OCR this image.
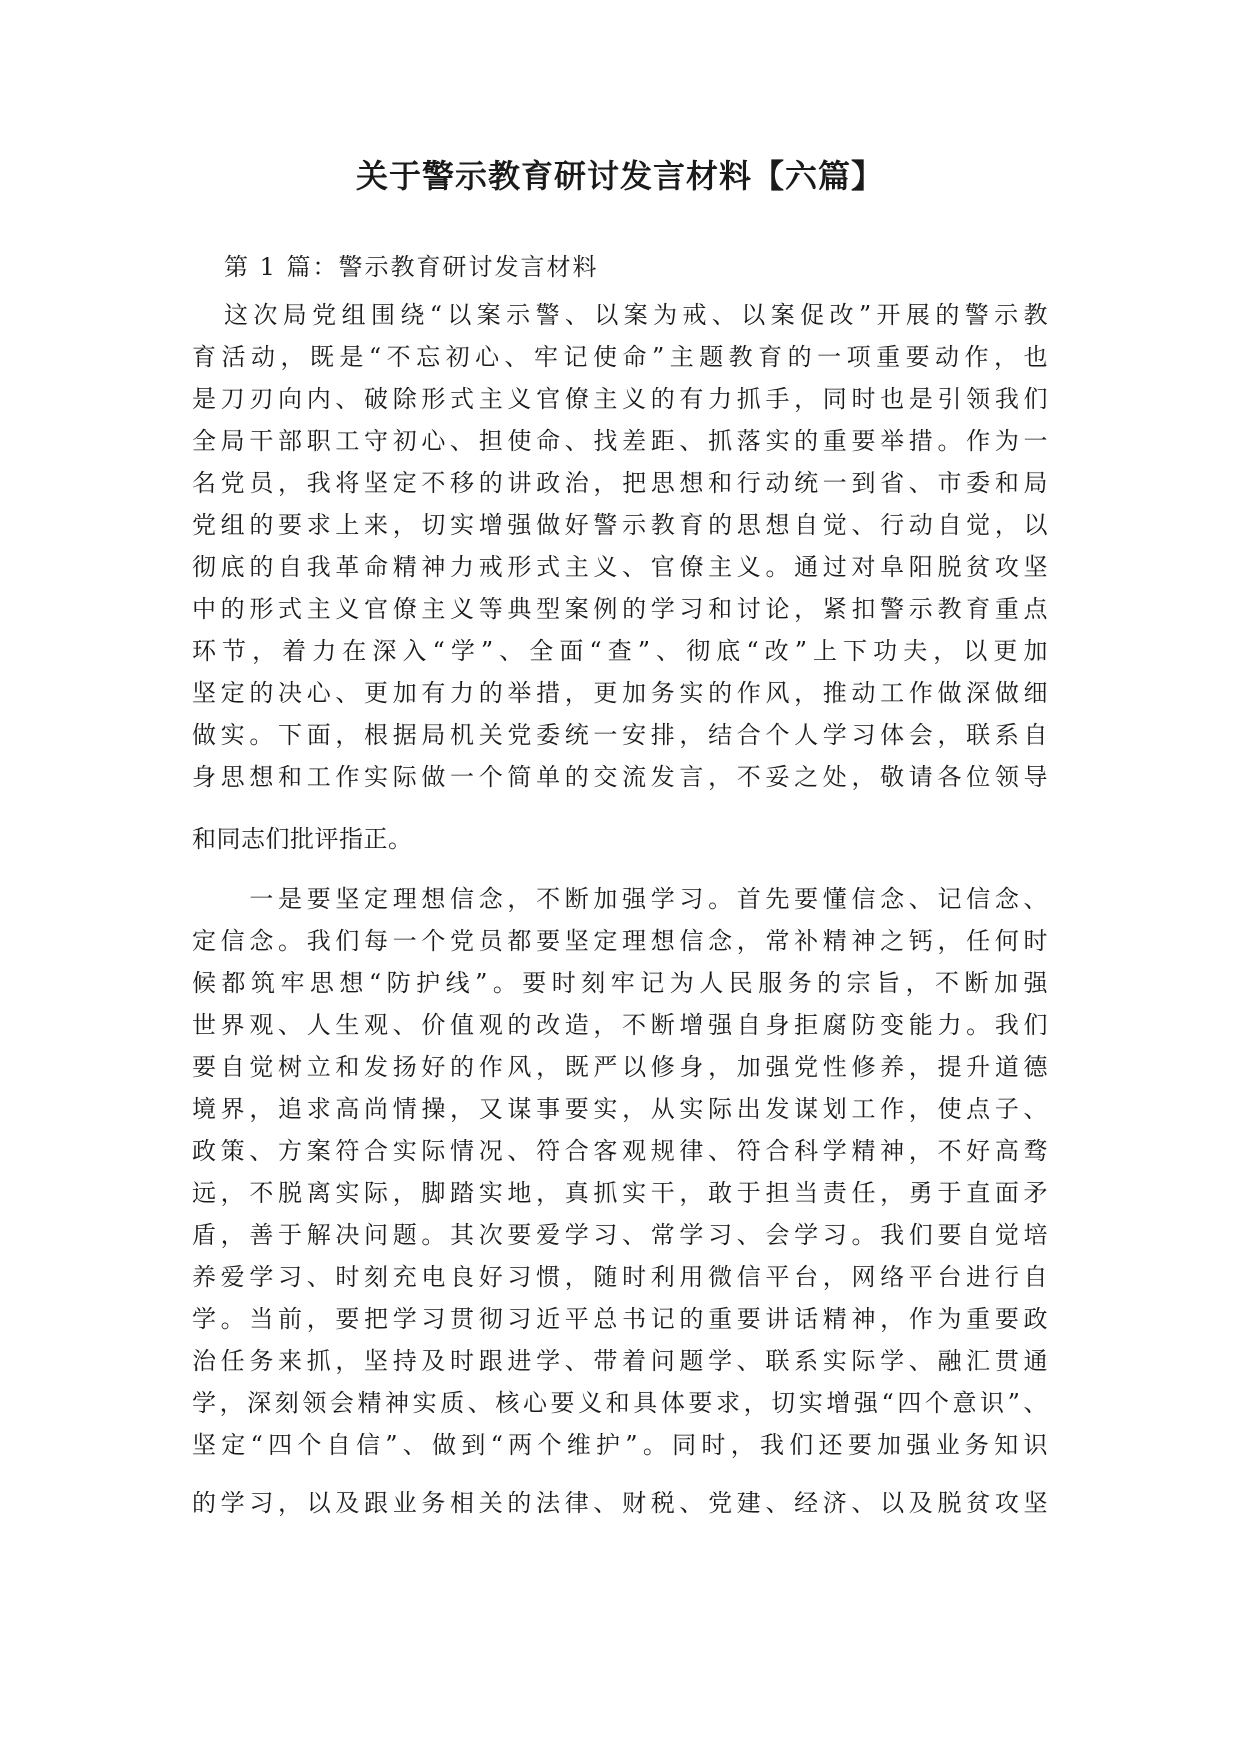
关于警示教育研讨发言材料【六篇】
第 1 篇：警示教育研讨发言材料
这次局党组围绕“以案示警、以案为戒、以案促改”开展的警示教
育活动，既是“不忘初心、牢记使命”主题教育的一项重要动作，也
是刀刃向内、破除形式主义官僚主义的有力抓手，同时也是引领我们
全局干部职工守初心、担使命、找差距、抓落实的重要举措。作为一
名党员，我将坚定不移的讲政治，把思想和行动统一到省、市委和局
党组的要求上来，切实增强做好警示教育的思想自觉、行动自觉，以
彻底的自我革命精神力戒形式主义、官僚主义。通过对阜阳脱贫攻坚
中的形式主义官僚主义等典型案例的学习和讨论，紧扣警示教育重点
环节，着力在深入“学”、全面“查”、彻底“改”上下功夫，以更加
坚定的决心、更加有力的举措，更加务实的作风，推动工作做深做细
做实。下面，根据局机关党委统一安排，结合个人学习体会，联系自
身思想和工作实际做一个简单的交流发言，不妥之处，敬请各位领导
和同志们批评指正。
　　一是要坚定理想信念，不断加强学习。首先要懂信念、记信念、
定信念。我们每一个党员都要坚定理想信念，常补精神之钙，任何时
候都筑牢思想“防护线”。要时刻牢记为人民服务的宗旨，不断加强
世界观、人生观、价值观的改造，不断增强自身拒腐防变能力。我们
要自觉树立和发扬好的作风，既严以修身，加强党性修养，提升道德
境界，追求高尚情操，又谋事要实，从实际出发谋划工作，使点子、
政策、方案符合实际情况、符合客观规律、符合科学精神，不好高骛
远，不脱离实际，脚踏实地，真抓实干，敢于担当责任，勇于直面矛
盾，善于解决问题。其次要爱学习、常学习、会学习。我们要自觉培
养爱学习、时刻充电良好习惯，随时利用微信平台，网络平台进行自
学。当前，要把学习贯彻习近平总书记的重要讲话精神，作为重要政
治任务来抓，坚持及时跟进学、带着问题学、联系实际学、融汇贯通
学，深刻领会精神实质、核心要义和具体要求，切实增强“四个意识”、
坚定“四个自信”、做到“两个维护”。同时，我们还要加强业务知识
的学习，以及跟业务相关的法律、财税、党建、经济、以及脱贫攻坚
